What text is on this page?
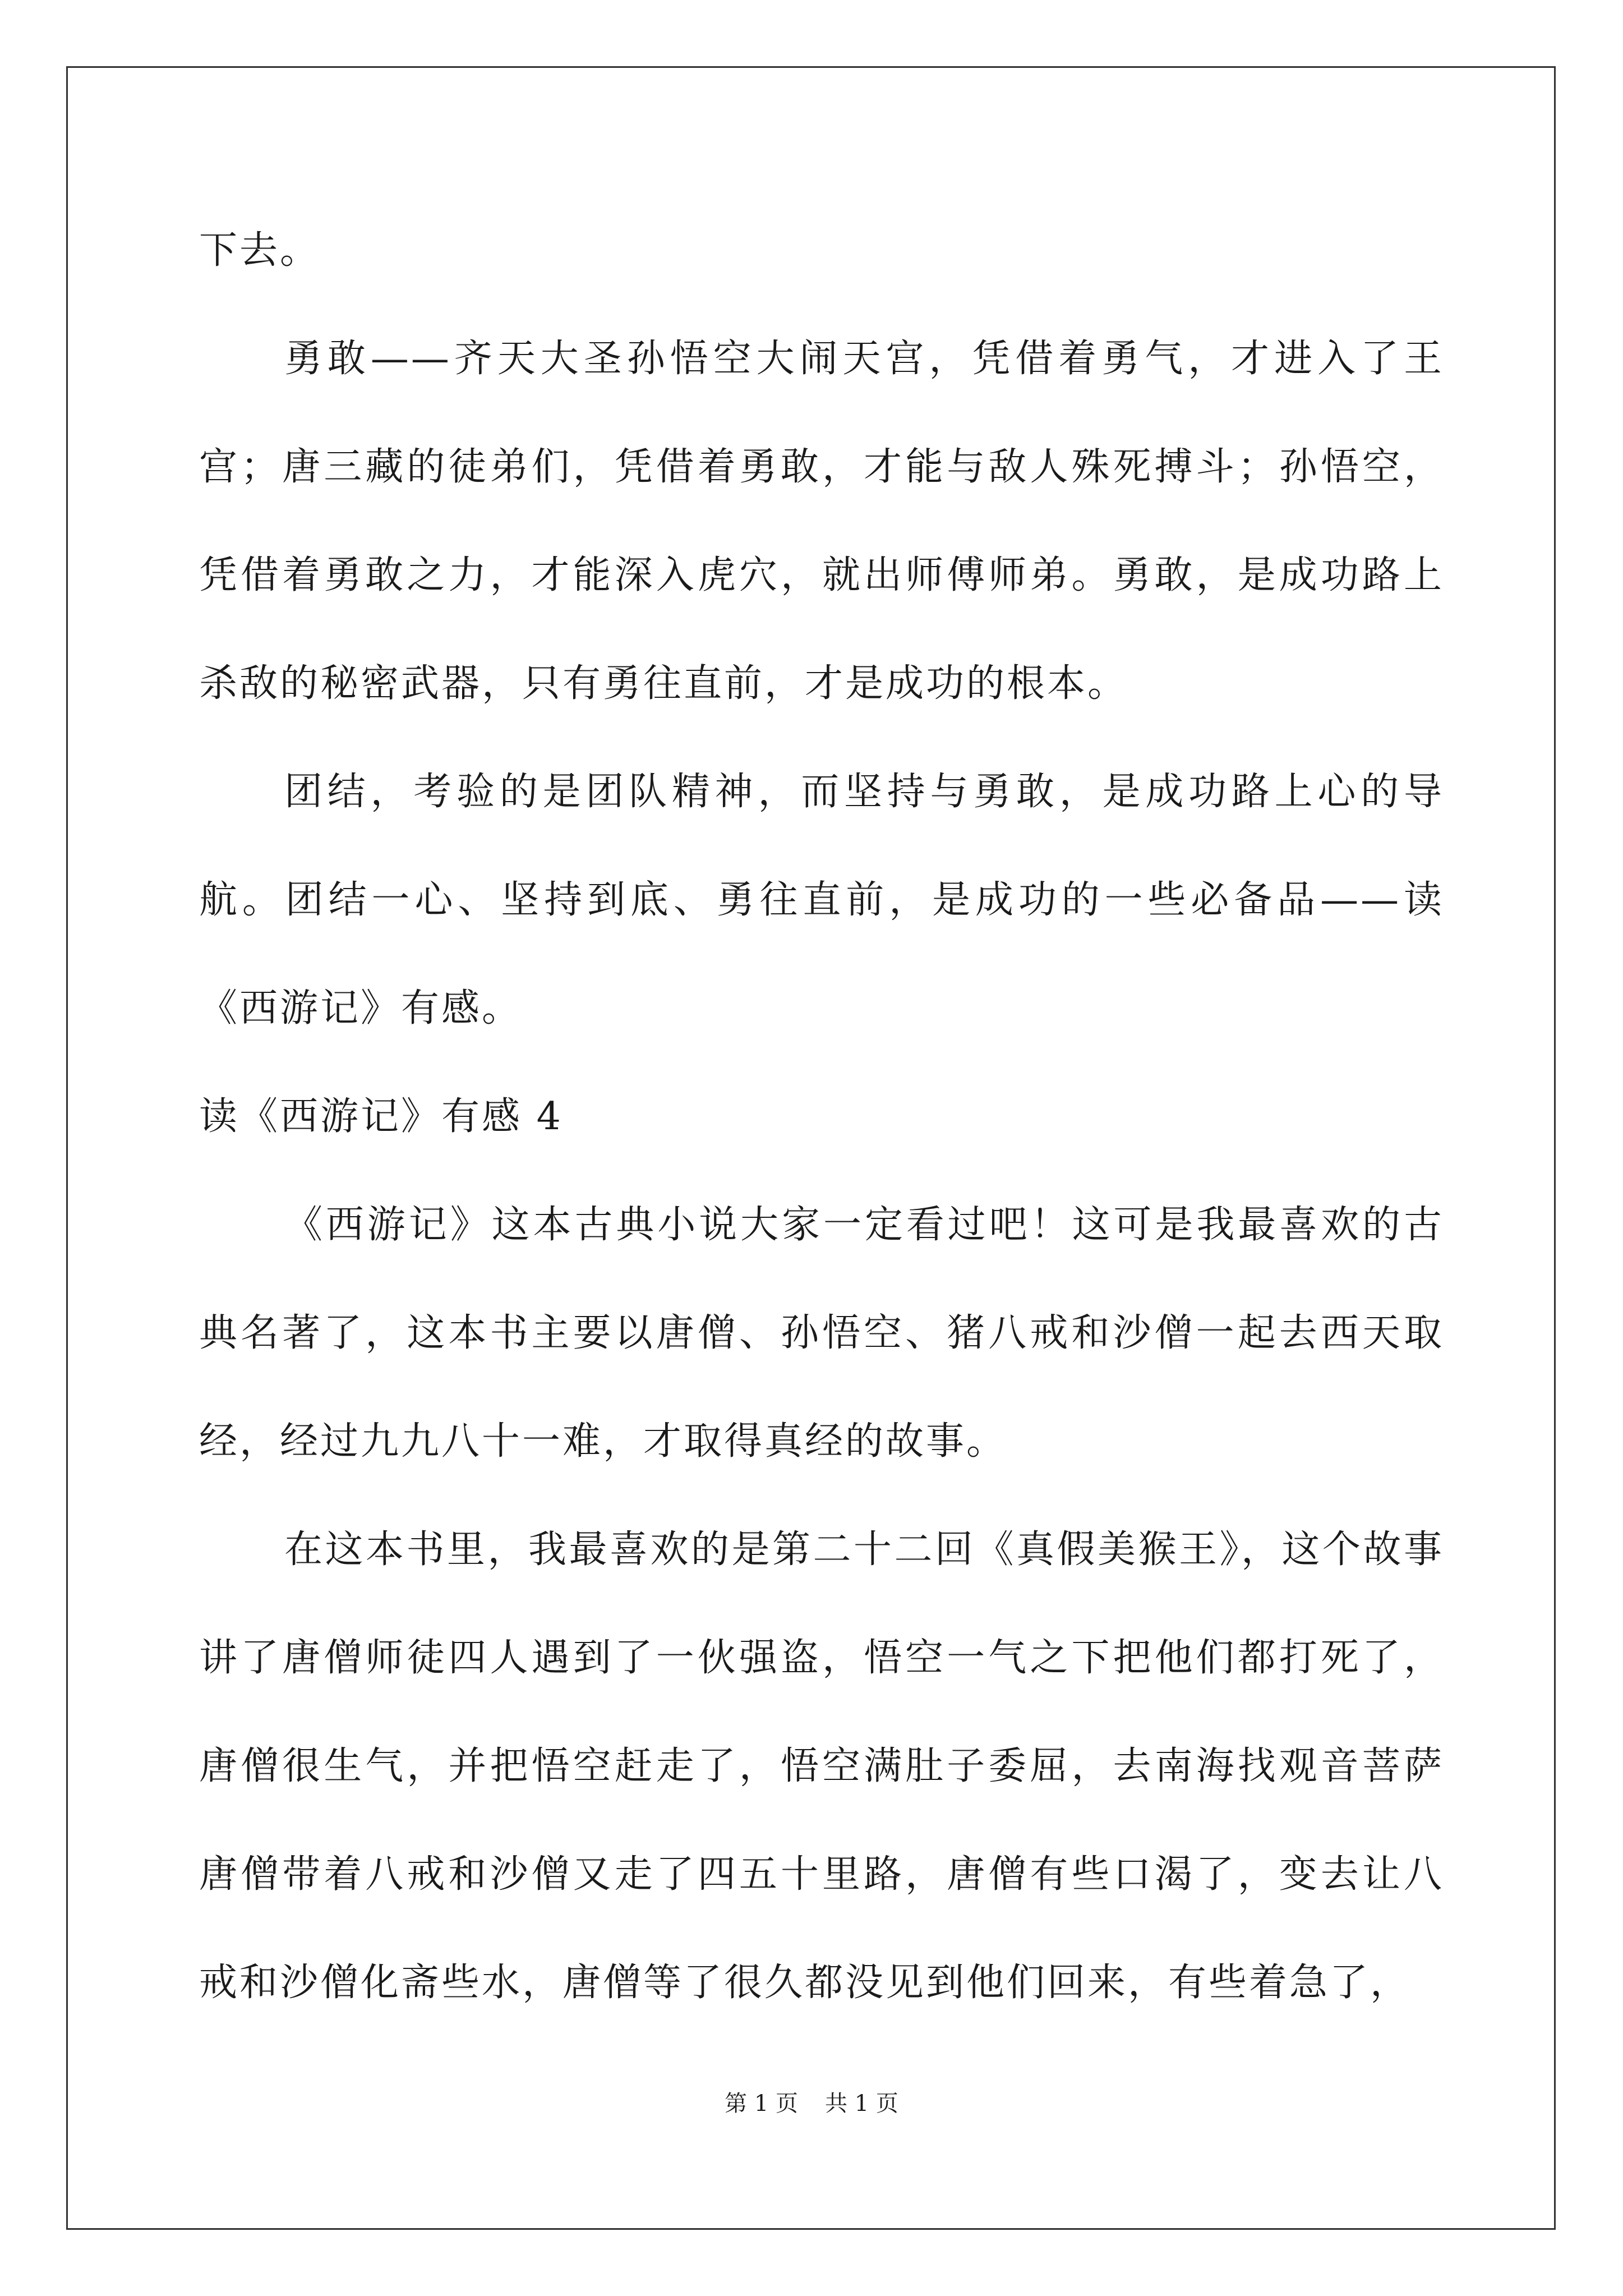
下去。

勇敢——齐天大圣孙悟空大闹天宫，凭借着勇气，才进入了王宫；唐三藏的徒弟们，凭借着勇敢，才能与敌人殊死搏斗；孙悟空，凭借着勇敢之力，才能深入虎穴，就出师傅师弟。勇敢，是成功路上杀敌的秘密武器，只有勇往直前，才是成功的根本。

团结，考验的是团队精神，而坚持与勇敢，是成功路上心的导航。团结一心、坚持到底、勇往直前，是成功的一些必备品——读《西游记》有感。

读《西游记》有感 4

《西游记》这本古典小说大家一定看过吧！这可是我最喜欢的古典名著了，这本书主要以唐僧、孙悟空、猪八戒和沙僧一起去西天取经，经过九九八十一难，才取得真经的故事。

在这本书里，我最喜欢的是第二十二回《真假美猴王》，这个故事讲了唐僧师徒四人遇到了一伙强盗，悟空一气之下把他们都打死了，唐僧很生气，并把悟空赶走了，悟空满肚子委屈，去南海找观音菩萨唐僧带着八戒和沙僧又走了四五十里路，唐僧有些口渴了，变去让八戒和沙僧化斋些水，唐僧等了很久都没见到他们回来，有些着急了，

第 1 页 共 1 页
